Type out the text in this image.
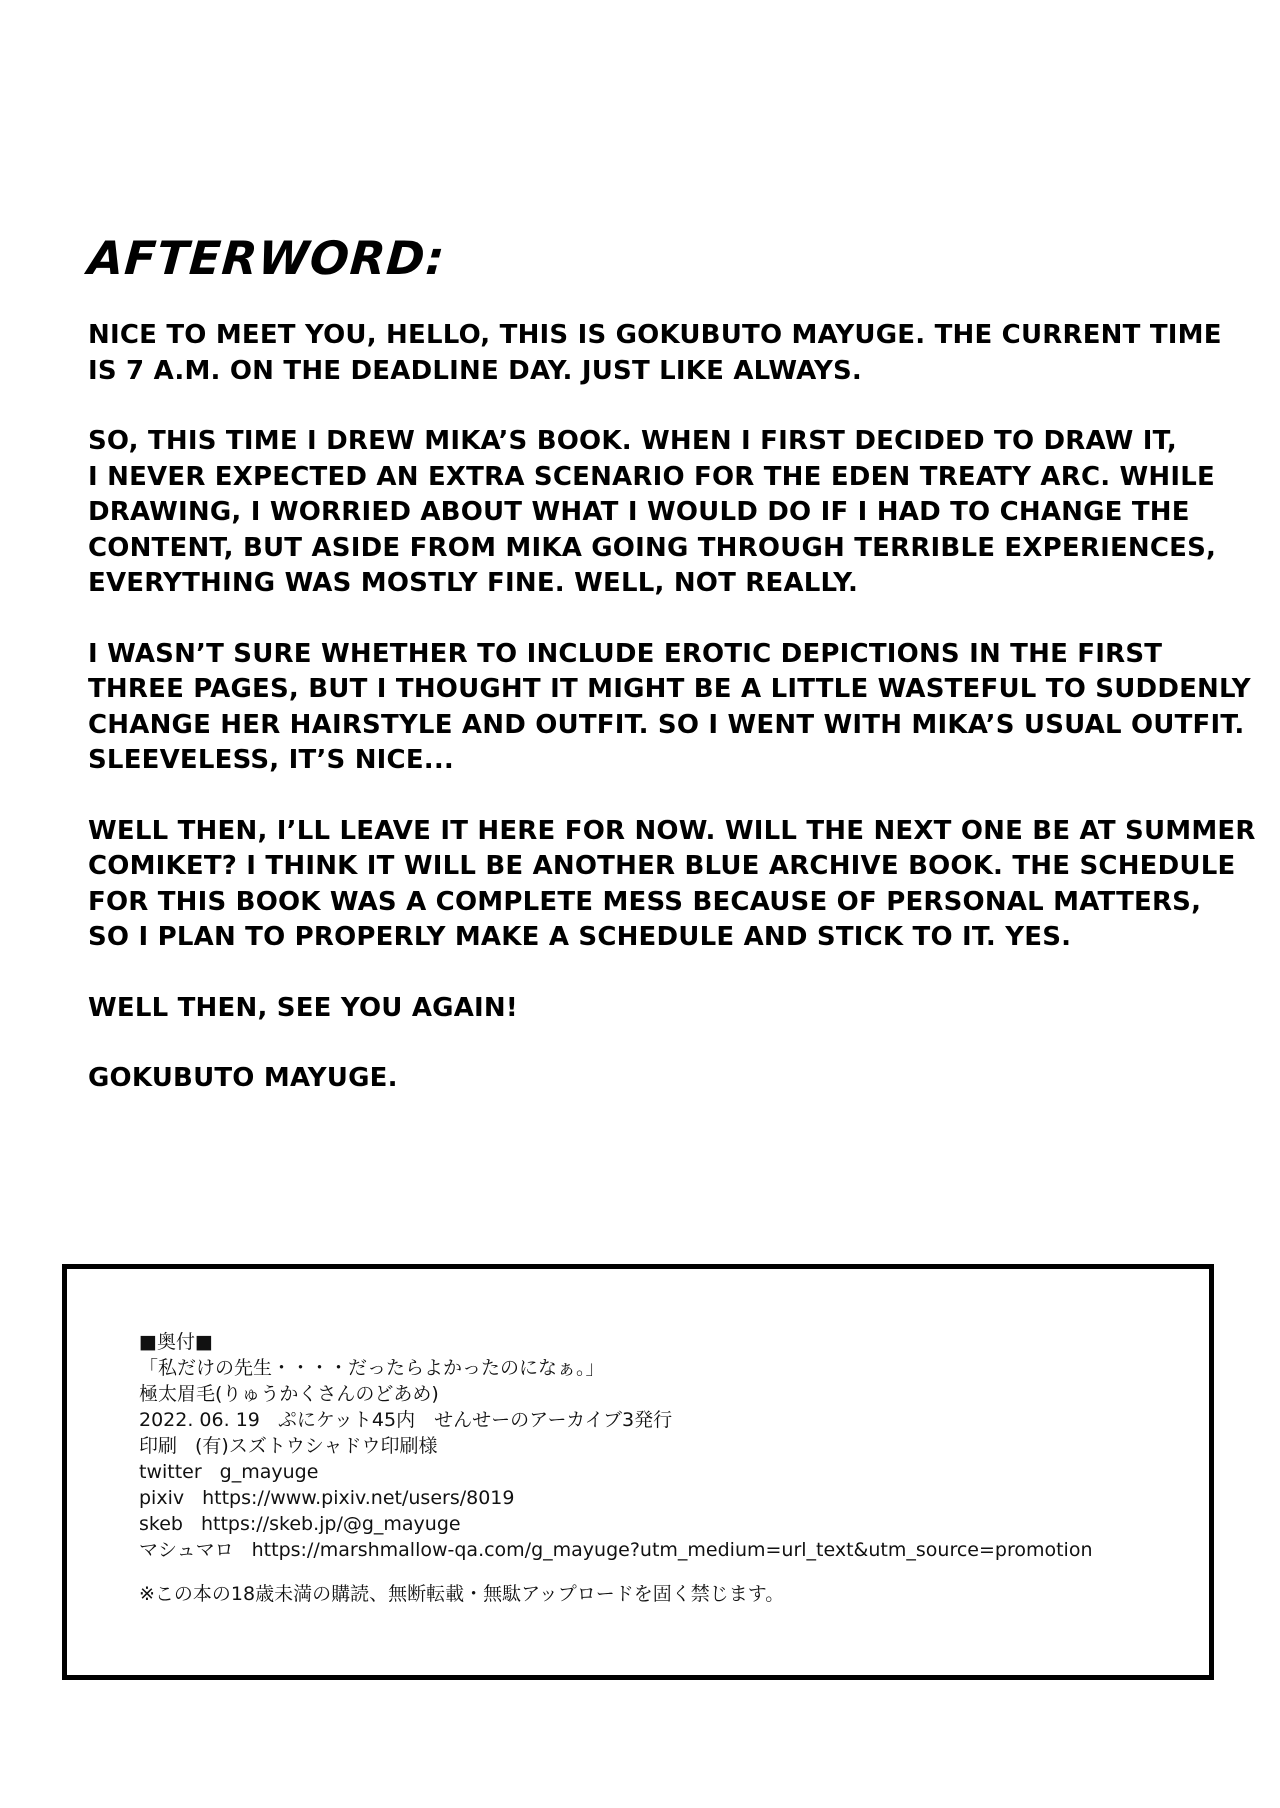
AFTERWORD:

NICE TO MEET YOU, HELLO, THIS IS GOKUBUTO MAYUGE. THE CURRENT TIME
IS 7 A.M. ON THE DEADLINE DAY. JUST LIKE ALWAYS.

SO, THIS TIME I DREW MIKA’S BOOK. WHEN I FIRST DECIDED TO DRAW IT,
I NEVER EXPECTED AN EXTRA SCENARIO FOR THE EDEN TREATY ARC. WHILE
DRAWING, I WORRIED ABOUT WHAT I WOULD DO IF I HAD TO CHANGE THE
CONTENT, BUT ASIDE FROM MIKA GOING THROUGH TERRIBLE EXPERIENCES,
EVERYTHING WAS MOSTLY FINE. WELL, NOT REALLY.

I WASN’T SURE WHETHER TO INCLUDE EROTIC DEPICTIONS IN THE FIRST
THREE PAGES, BUT I THOUGHT IT MIGHT BE A LITTLE WASTEFUL TO SUDDENLY
CHANGE HER HAIRSTYLE AND OUTFIT. SO I WENT WITH MIKA’S USUAL OUTFIT.
SLEEVELESS, IT’S NICE...

WELL THEN, I’LL LEAVE IT HERE FOR NOW. WILL THE NEXT ONE BE AT SUMMER
COMIKET? I THINK IT WILL BE ANOTHER BLUE ARCHIVE BOOK. THE SCHEDULE
FOR THIS BOOK WAS A COMPLETE MESS BECAUSE OF PERSONAL MATTERS,
SO I PLAN TO PROPERLY MAKE A SCHEDULE AND STICK TO IT. YES.

WELL THEN, SEE YOU AGAIN!

GOKUBUTO MAYUGE.

■奥付■
「私だけの先生・・・・だったらよかったのになぁ。」
極太眉毛(りゅうかくさんのどあめ)
2022. 06. 19 ぷにケット45内　せんせーのアーカイブ3発行
印刷 (有)スズトウシャドウ印刷様
twitter g_mayuge
pixiv https://www.pixiv.net/users/8019
skeb https://skeb.jp/@g_mayuge
マシュマロ https://marshmallow-qa.com/g_mayuge?utm_medium=url_text&utm_source=promotion
※この本の18歳未満の購読、無断転載・無駄アップロードを固く禁じます。
